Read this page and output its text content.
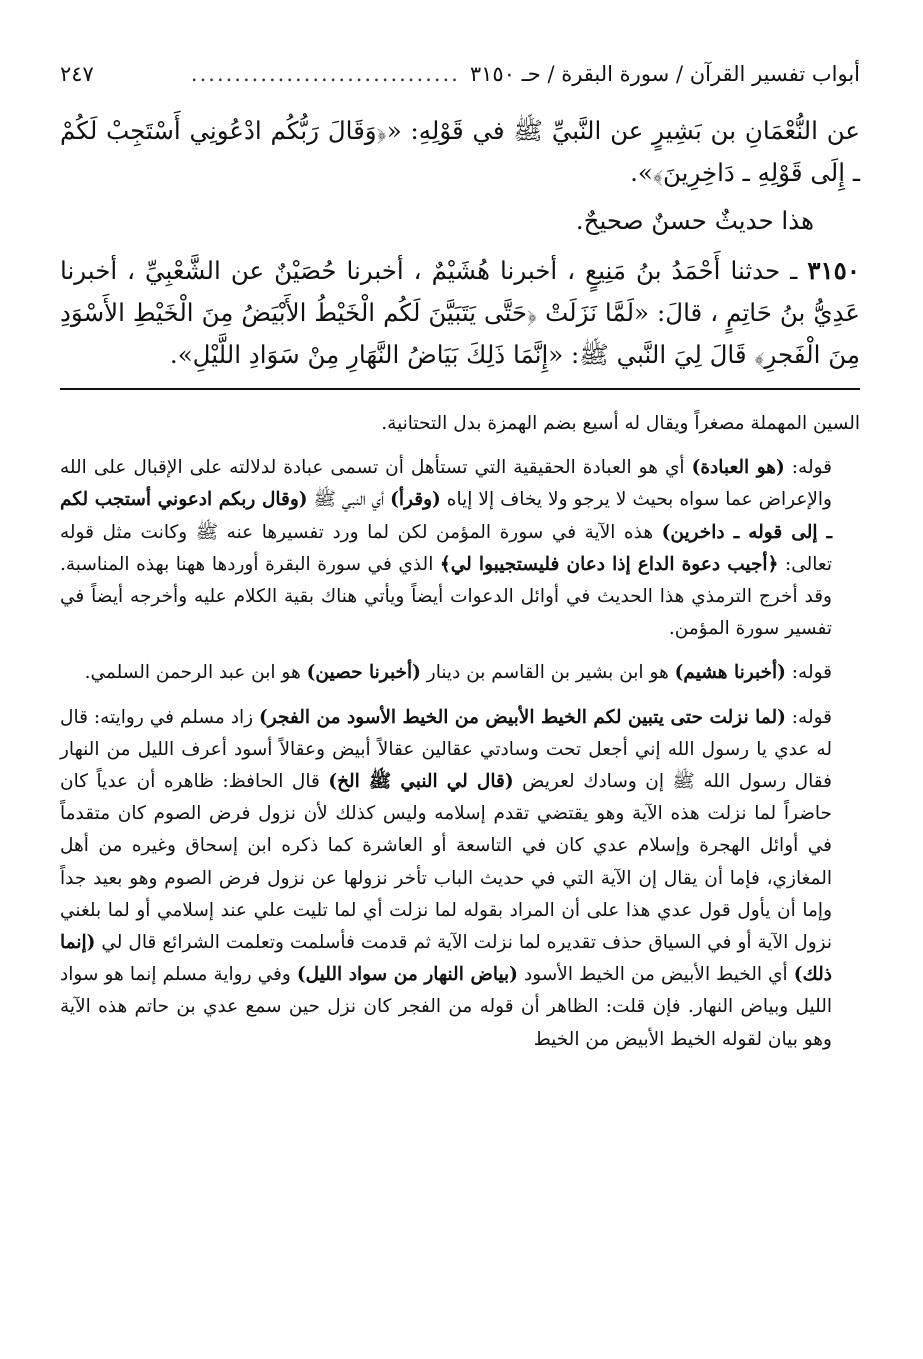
أبواب تفسير القرآن / سورة البقرة / حـ ٣١٥٠
...............................
٢٤٧

عن النُّعْمَانِ بن بَشِيرٍ عن النَّبيِّ ﷺ في قَوْلِهِ: «﴿وَقَالَ رَبُّكُم ادْعُونِي أَسْتَجِبْ لَكُمْ ـ إِلَى قَوْلِهِ ـ دَاخِرِينَ﴾».

هذا حديثٌ حسنٌ صحيحٌ.

٣١٥٠ ـ حدثنا أَحْمَدُ بنُ مَنِيعٍ ، أخبرنا هُشَيْمٌ ، أخبرنا حُصَيْنٌ عن الشَّعْبِيِّ ، أخبرنا عَدِيُّ بنُ حَاتِمٍ ، قالَ: «لَمَّا نَزَلَتْ ﴿حَتَّى يَتَبَيَّنَ لَكُم الْخَيْطُ الأَبْيَضُ مِنَ الْخَيْطِ الأَسْوَدِ مِنَ الْفَجرِ﴾ قَالَ لِيَ النَّبي ﷺ: «إِنَّمَا ذَلِكَ بَيَاضُ النَّهَارِ مِنْ سَوَادِ اللَّيْلِ».

السين المهملة مصغراً ويقال له أسيع بضم الهمزة بدل التحتانية.

قوله: (هو العبادة) أي هو العبادة الحقيقية التي تستأهل أن تسمى عبادة لدلالته على الإقبال على الله والإعراض عما سواه بحيث لا يرجو ولا يخاف إلا إياه (وقرأ) أي النبي ﷺ (وقال ربكم ادعوني أستجب لكم ـ إلى قوله ـ داخرين) هذه الآية في سورة المؤمن لكن لما ورد تفسيرها عنه ﷺ وكانت مثل قوله تعالى: ﴿أجيب دعوة الداع إذا دعان فليستجيبوا لي﴾ الذي في سورة البقرة أوردها ههنا بهذه المناسبة. وقد أخرج الترمذي هذا الحديث في أوائل الدعوات أيضاً ويأتي هناك بقية الكلام عليه وأخرجه أيضاً في تفسير سورة المؤمن.

قوله: (أخبرنا هشيم) هو ابن بشير بن القاسم بن دينار (أخبرنا حصين) هو ابن عبد الرحمن السلمي.

قوله: (لما نزلت حتى يتبين لكم الخيط الأبيض من الخيط الأسود من الفجر) زاد مسلم في روايته: قال له عدي يا رسول الله إني أجعل تحت وسادتي عقالين عقالاً أبيض وعقالاً أسود أعرف الليل من النهار فقال رسول الله ﷺ إن وسادك لعريض (قال لي النبي ﷺ الخ) قال الحافظ: ظاهره أن عدياً كان حاضراً لما نزلت هذه الآية وهو يقتضي تقدم إسلامه وليس كذلك لأن نزول فرض الصوم كان متقدماً في أوائل الهجرة وإسلام عدي كان في التاسعة أو العاشرة كما ذكره ابن إسحاق وغيره من أهل المغازي، فإما أن يقال إن الآية التي في حديث الباب تأخر نزولها عن نزول فرض الصوم وهو بعيد جداً وإما أن يأول قول عدي هذا على أن المراد بقوله لما نزلت أي لما تليت علي عند إسلامي أو لما بلغني نزول الآية أو في السياق حذف تقديره لما نزلت الآية ثم قدمت فأسلمت وتعلمت الشرائع قال لي (إنما ذلك) أي الخيط الأبيض من الخيط الأسود (بياض النهار من سواد الليل) وفي رواية مسلم إنما هو سواد الليل وبياض النهار. فإن قلت: الظاهر أن قوله من الفجر كان نزل حين سمع عدي بن حاتم هذه الآية وهو بيان لقوله الخيط الأبيض من الخيط
